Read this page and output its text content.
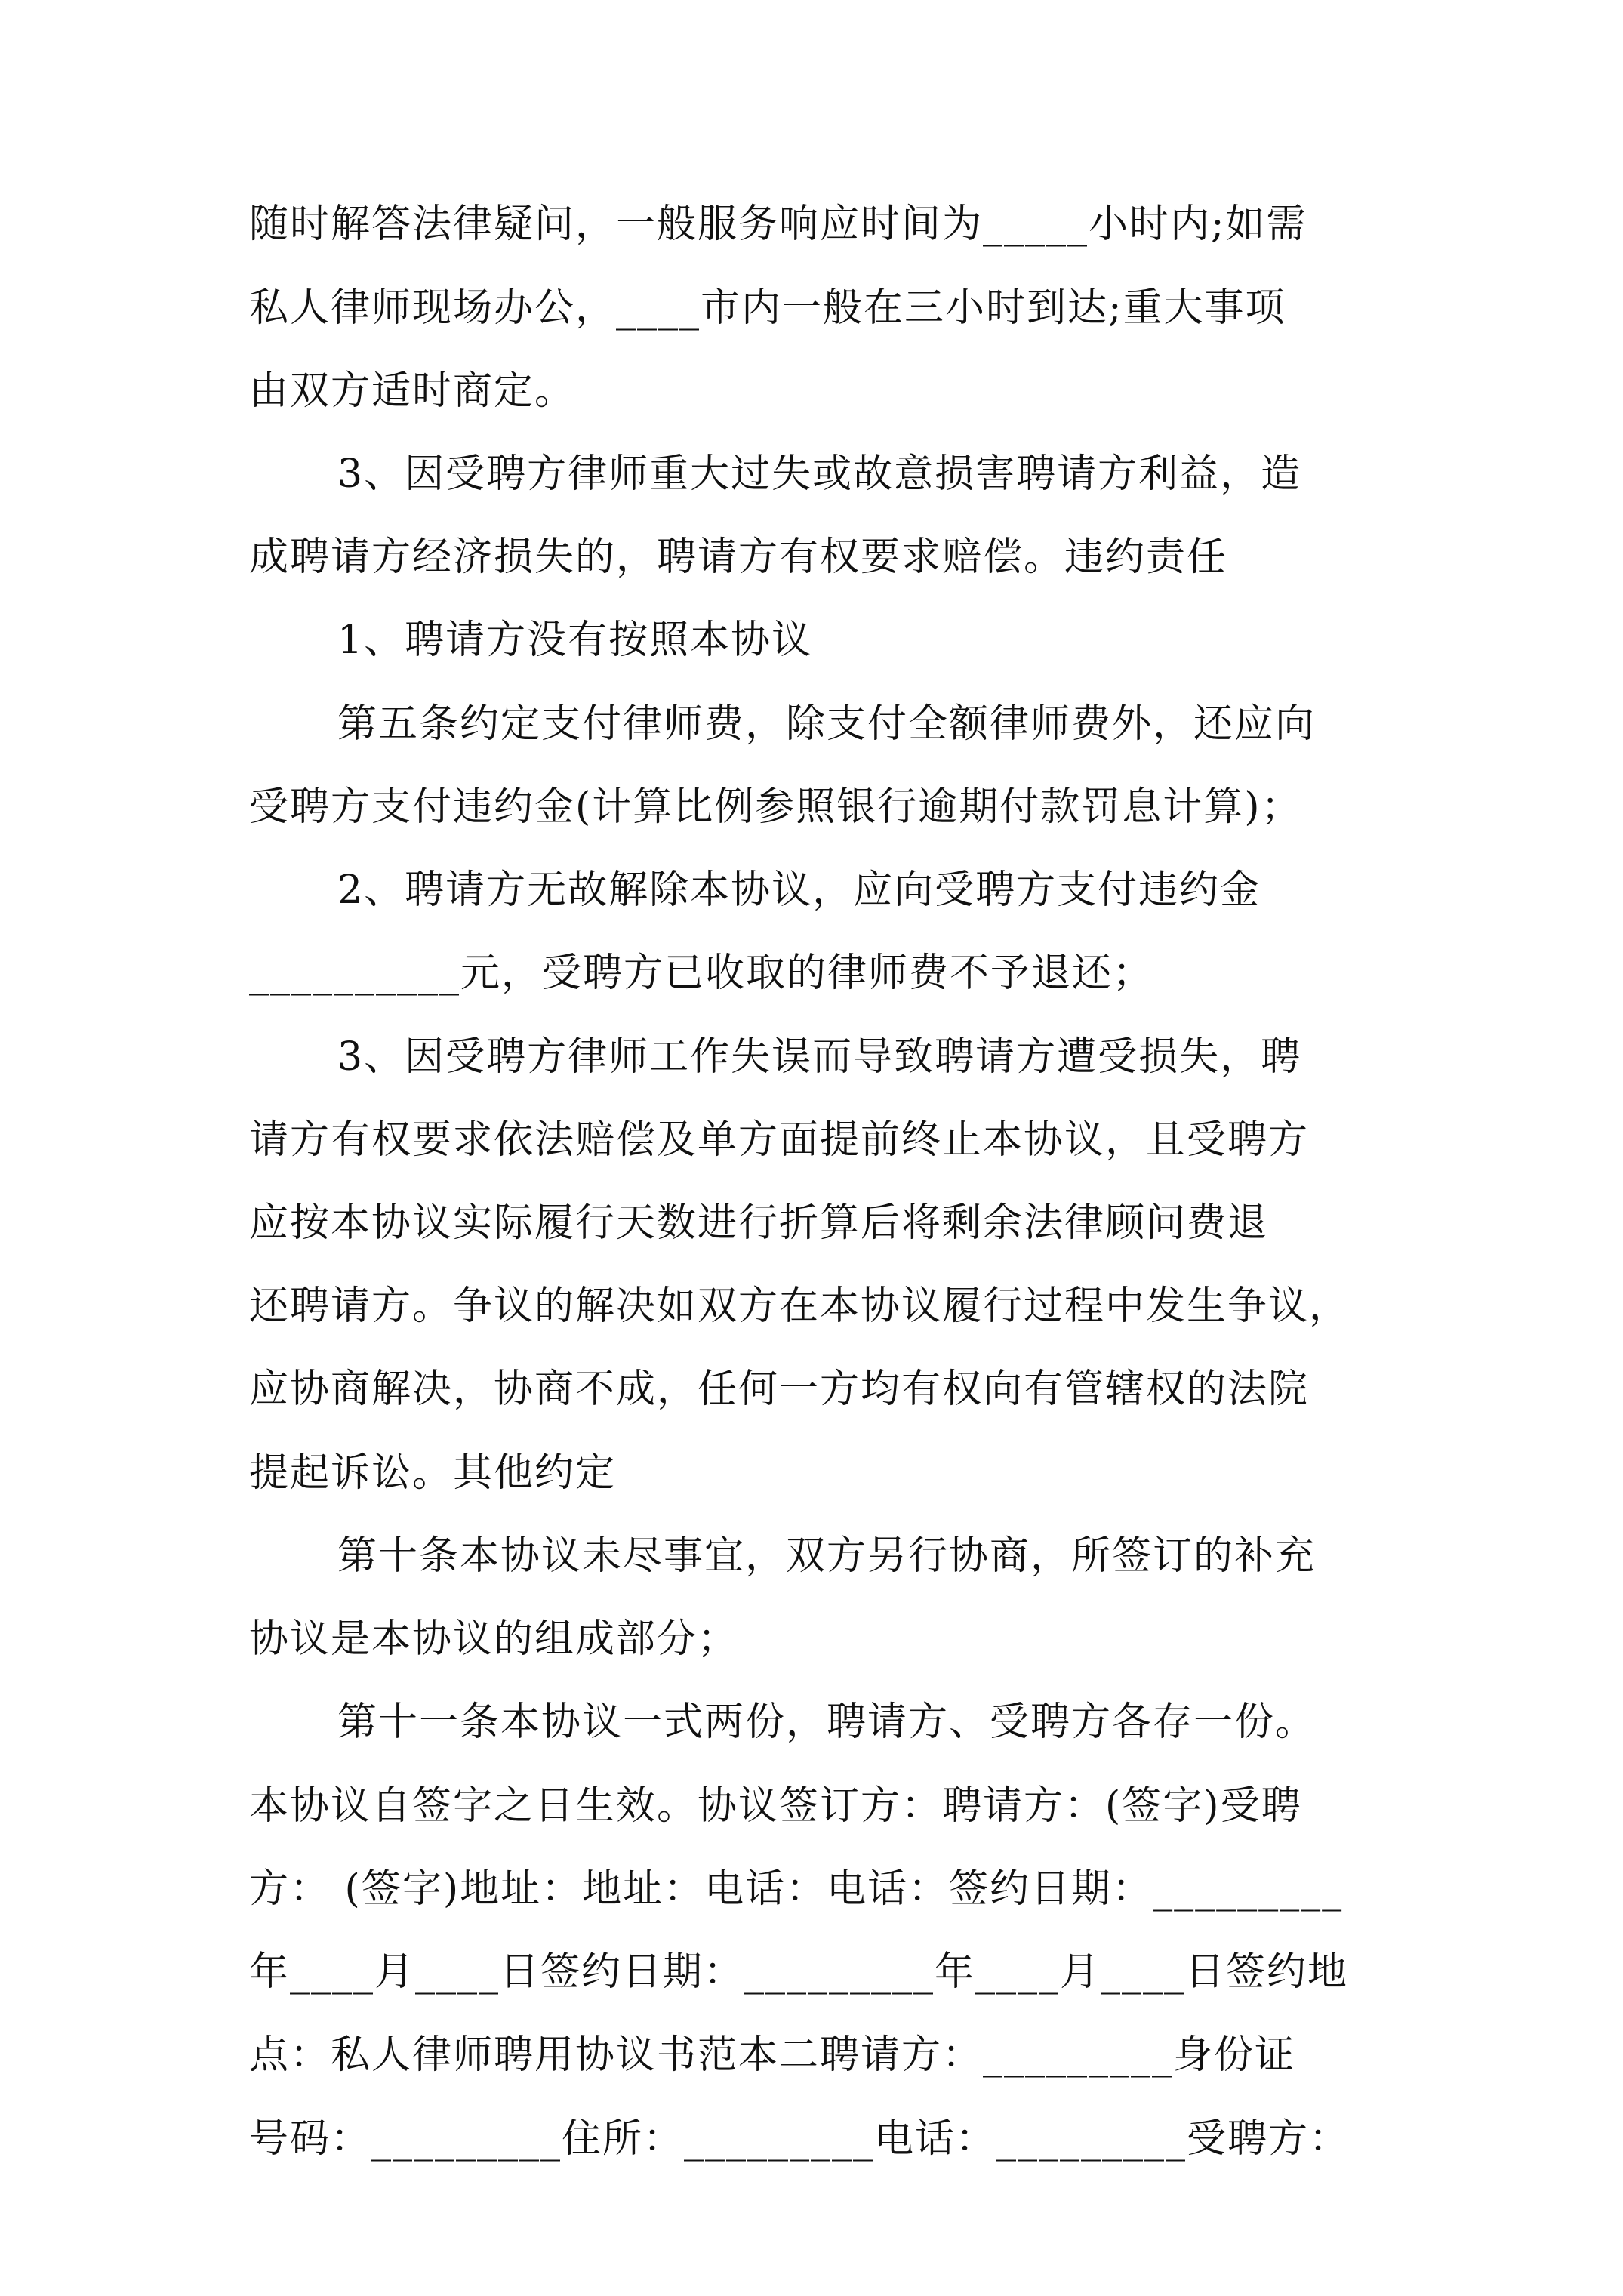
随时解答法律疑问，一般服务响应时间为_____小时内;如需
私人律师现场办公，____市内一般在三小时到达;重大事项
由双方适时商定。
3、因受聘方律师重大过失或故意损害聘请方利益，造
成聘请方经济损失的，聘请方有权要求赔偿。违约责任
1、聘请方没有按照本协议
第五条约定支付律师费，除支付全额律师费外，还应向
受聘方支付违约金(计算比例参照银行逾期付款罚息计算)；
2、聘请方无故解除本协议，应向受聘方支付违约金
__________元，受聘方已收取的律师费不予退还；
3、因受聘方律师工作失误而导致聘请方遭受损失，聘
请方有权要求依法赔偿及单方面提前终止本协议，且受聘方
应按本协议实际履行天数进行折算后将剩余法律顾问费退
还聘请方。争议的解决如双方在本协议履行过程中发生争议，
应协商解决，协商不成，任何一方均有权向有管辖权的法院
提起诉讼。其他约定
第十条本协议未尽事宜，双方另行协商，所签订的补充
协议是本协议的组成部分；
第十一条本协议一式两份，聘请方、受聘方各存一份。
本协议自签字之日生效。协议签订方：聘请方：(签字)受聘
方： (签字)地址：地址：电话：电话：签约日期：_________
年____月____日签约日期：_________年____月____日签约地
点：私人律师聘用协议书范本二聘请方：_________身份证
号码：_________住所：_________电话：_________受聘方：
